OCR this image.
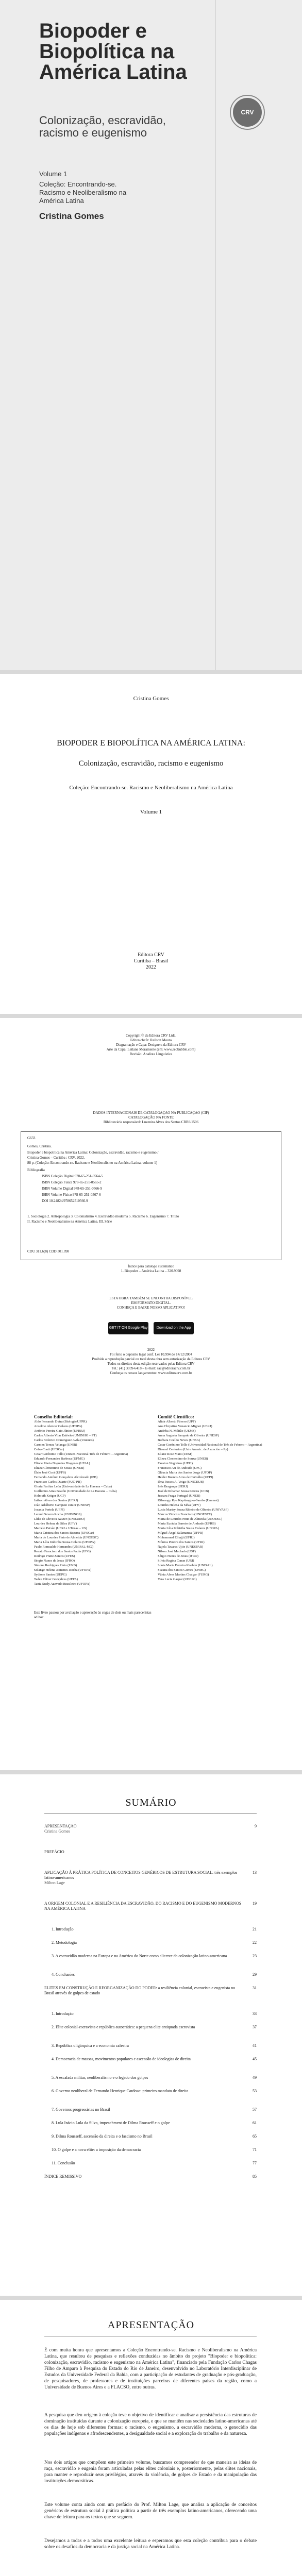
Biopoder e Biopolítica na América Latina
Colonização, escravidão, racismo e eugenismo
Volume 1
Coleção: Encontrando-se. Racismo e Neoliberalismo na América Latina
Cristina Gomes
CRV
Cristina Gomes
BIOPODER E BIOPOLÍTICA NA AMÉRICA LATINA:
Colonização, escravidão, racismo e eugenismo
Coleção: Encontrando-se. Racismo e Neoliberalismo na América Latina
Volume 1
Editora CRV
Curitiba – Brasil
2022
Copyright © da Editora CRV Ltda.
Editor-chefe: Railson Moura
Diagramação e Capa: Designers da Editora CRV
Arte da Capa: Leilane Moramente (em: www.redbubble.com)
Revisão: Analista Linguística
DADOS INTERNACIONAIS DE CATALOGAÇÃO NA PUBLICAÇÃO (CIP)
CATALOGAÇÃO NA FONTE
Bibliotecária responsável: Luzenira Alves dos Santos CRB9/1506
G633
Gomes, Cristina.
Biopoder e biopolítica na América Latina: Colonização, escravidão, racismo e eugenismo /
Cristina Gomes – Curitiba : CRV, 2022.
88 p. (Coleção: Encontrando-se. Racismo e Neoliberalismo na América Latina, volume 1)
Bibliografia
ISBN Coleção Digital 978-65-251-0564-5
ISBN Coleção Física 978-65-251-0565-2
ISBN Volume Digital 978-65-251-0566-9
ISBN Volume Físico 978-65-251-0567-6
DOI 10.24824/978652510566.9
1. Sociologia 2. Antropologia 3. Colonialismo 4. Escravidão moderna 5. Racismo 6. Eugenismo 7. Título
II. Racismo e Neoliberalismo na América Latina. III. Série
CDU 311.6(8) CDD 301.098
Índice para catálogo sistemático
1. Biopoder – América Latina – 320.9098
ESTA OBRA TAMBÉM SE ENCONTRA DISPONÍVEL
EM FORMATO DIGITAL.
CONHEÇA E BAIXE NOSSO APLICATIVO!
GET IT ON Google Play	Download on the App Store
2022
Foi feito o depósito legal conf. Lei 10.994 de 14/12/2004
Proibida a reprodução parcial ou total desta obra sem autorização da Editora CRV
Todos os direitos desta edição reservados pela: Editora CRV
Tel.: (41) 3039-6418 – E-mail: sac@editoracrv.com.br
Conheça os nossos lançamentos: www.editoracrv.com.br
Conselho Editorial:
Aldo Fernando Dutra (Biologia/UFPR)
Anselmo Alencar Colares (UFOPA)
Antônio Pereira Gaio Júnior (UFRRJ)
Carlos Alberto Vilar Estêvão (UMINHO – PT)
Carlos Federico Dominguez Avila (Unieuro)
Carmen Tereza Velanga (UNIR)
Celso Conti (UFSCar)
Cesar Gerónimo Tello (Univer. Nacional Três de Febrero – Argentina)
Eduardo Fernandes Barbosa (UFMG)
Elione Maria Nogueira Diogenes (UFAL)
Elizeu Clementino de Souza (UNEB)
Élsio José Corá (UFFS)
Fernando Antônio Gonçalves Alcoforado (IPB)
Francisco Carlos Duarte (PUC-PR)
Gloria Fariñas León (Universidade de La Havana – Cuba)
Guillermo Arias Beatón (Universidade de La Havana – Cuba)
Helmuth Krüger (UCP)
Jailson Alves dos Santos (UFRJ)
João Adalberto Campato Junior (UNESP)
Josania Portela (UFPI)
Leonel Severo Rocha (UNISINOS)
Lídia de Oliveira Xavier (UNIEURO)
Lourdes Helena da Silva (UFV)
Marcelo Paixão (UFRJ e UTexas – US)
Maria Cristina dos Santos Bezerra (UFSCar)
Maria de Lourdes Pinto de Almeida (UNOESC)
Maria Lília Imbiriba Sousa Colares (UFOPA)
Paulo Romualdo Hernandes (UNIFAL-MG)
Renato Francisco dos Santos Paula (UFG)
Rodrigo Pratte-Santos (UFES)
Sérgio Nunes de Jesus (IFRO)
Simone Rodrigues Pinto (UNB)
Solange Helena Ximenes-Rocha (UFOPA)
Sydione Santos (UEPG)
Tadeu Oliver Gonçalves (UFPA)
Tania Suely Azevedo Brasileiro (UFOPA)
Comitê Científico:
Altair Alberto Fávero (UPF)
Ana Chrystina Venancio Mignot (UERJ)
Andréia N. Militão (UEMS)
Anna Augusta Sampaio de Oliveira (UNESP)
Barbara Coelho Neves (UFBA)
Cesar Gerónimo Tello (Universidad Nacional de Três de Febrero – Argentina)
Diosnel Centurion (Univ Americ. de Asunción – Py)
Eliane Rose Maio (UEM)
Elizeu Clementino de Souza (UNEB)
Fauston Negreiros (UFPI)
Francisco Ari de Andrade (UFC)
Gláucia Maria dos Santos Jorge (UFOP)
Helder Buenos Aires de Carvalho (UFPI)
Ilma Passos A. Veiga (UNICEUB)
Inês Bragança (UERJ)
José de Ribamar Sousa Pereira (UCB)
Jussara Fraga Portugal (UNEB)
Kilwangy Kya Kapitango-a-Samba (Unemat)
Lourdes Helena da Silva (UFV)
Lucia Marisy Souza Ribeiro de Oliveira (UNIVASF)
Marcos Vinicius Francisco (UNOESTE)
Maria de Lourdes Pinto de Almeida (UNOESC)
Maria Eurácia Barreto de Andrade (UFRB)
Maria Lília Imbiriba Sousa Colares (UFOPA)
Míguel Ángel Salamanca (UFPR)
Mohammed Elhajji (UFRJ)
Mônica Pereira dos Santos (UFRJ)
Najela Tavares Ujiie (UNESPAR)
Nilson José Machado (USP)
Sérgio Nunes de Jesus (IFRO)
Silvia Regina Canan (URI)
Sonia Maria Ferreira Koehler (UNISAL)
Suzana dos Santos Gomes (UFMG)
Vânia Alves Martins Chaigar (FURG)
Vera Lucia Gaspar (UDESC)
Este livro passou por avaliação e aprovação às cegas de dois ou mais pareceristas ad hoc.
SUMÁRIO
APRESENTAÇÃO
Cristina Gomes
9
PREFÁCIO
APLICAÇÃO À PRÁTICA POLÍTICA DE CONCEITOS GENÉRICOS DE ESTRUTURA SOCIAL: três exemplos latino-americanos
Milton Lage
13
A ORIGEM COLONIAL E A RESILIÊNCIA DA ESCRAVIDÃO, DO RACISMO E DO EUGENISMO MODERNOS NA AMÉRICA LATINA
19
1. Introdução	21
2. Metodologia	22
3. A escravidão moderna na Europa e na América do Norte como alicerce da colonização latino-americana	23
4. Conclusões	29
ELITES EM CONSTRUÇÃO E REORGANIZAÇÃO DO PODER: a resiliência colonial, escravista e eugenista no Brasil através de golpes de estado
31
1. Introdução	33
2. Elite colonial-escravista e república autocrática: a pequena elite antiquada escravista	37
3. República oligárquica e a economia cafeeira	41
4. Democracia de massas, movimentos populares e ascensão de ideologias de direita	45
5. A escalada militar, neoliberalismo e o legado dos golpes	49
6. Governo neoliberal de Fernando Henrique Cardoso: primeiro mandato de direita	53
7. Governos progressistas no Brasil	57
8. Lula Inácio Lula da Silva, impeachment de Dilma Rousseff e o golpe	61
9. Dilma Rousseff, ascensão da direita e o fascismo no Brasil	65
10. O golpe e a nova elite: a imposição da democracia	71
11. Conclusão	77
ÍNDICE REMISSIVO	85
APRESENTAÇÃO
É com muita honra que apresentamos a Coleção Encontrando-se. Racismo e Neoliberalismo na América Latina, que resultou de pesquisas e reflexões conduzidas no âmbito do projeto "Biopoder e biopolítica: colonização, escravidão, racismo e eugenismo na América Latina", financiado pela Fundação Carlos Chagas Filho de Amparo à Pesquisa do Estado do Rio de Janeiro, desenvolvido no Laboratório Interdisciplinar de Estudos da Universidade Federal da Bahia, com a participação de estudantes de graduação e pós-graduação, de pesquisadores, de professores e de instituições parceiras de diferentes países da região, como a Universidade de Buenos Aires e a FLACSO, entre outras.
A pesquisa que deu origem à coleção teve o objetivo de identificar e analisar a persistência das estruturas de dominação instituídas durante a colonização europeia, e que se mantêm nas sociedades latino-americanas até os dias de hoje sob diferentes formas: o racismo, o eugenismo, a escravidão moderna, o genocídio das populações indígenas e afrodescendentes, a desigualdade social e a exploração do trabalho e da natureza.
Nos dois artigos que compõem este primeiro volume, buscamos compreender de que maneira as ideias de raça, escravidão e eugenia foram articuladas pelas elites coloniais e, posteriormente, pelas elites nacionais, para manter e reproduzir seus privilégios, através da violência, de golpes de Estado e da manipulação das instituições democráticas.
Este volume conta ainda com um prefácio do Prof. Milton Lage, que analisa a aplicação de conceitos genéricos de estrutura social à prática política a partir de três exemplos latino-americanos, oferecendo uma chave de leitura para os textos que se seguem.
Desejamos a todas e a todos uma excelente leitura e esperamos que esta coleção contribua para o debate sobre os desafios da democracia e da justiça social na América Latina.
